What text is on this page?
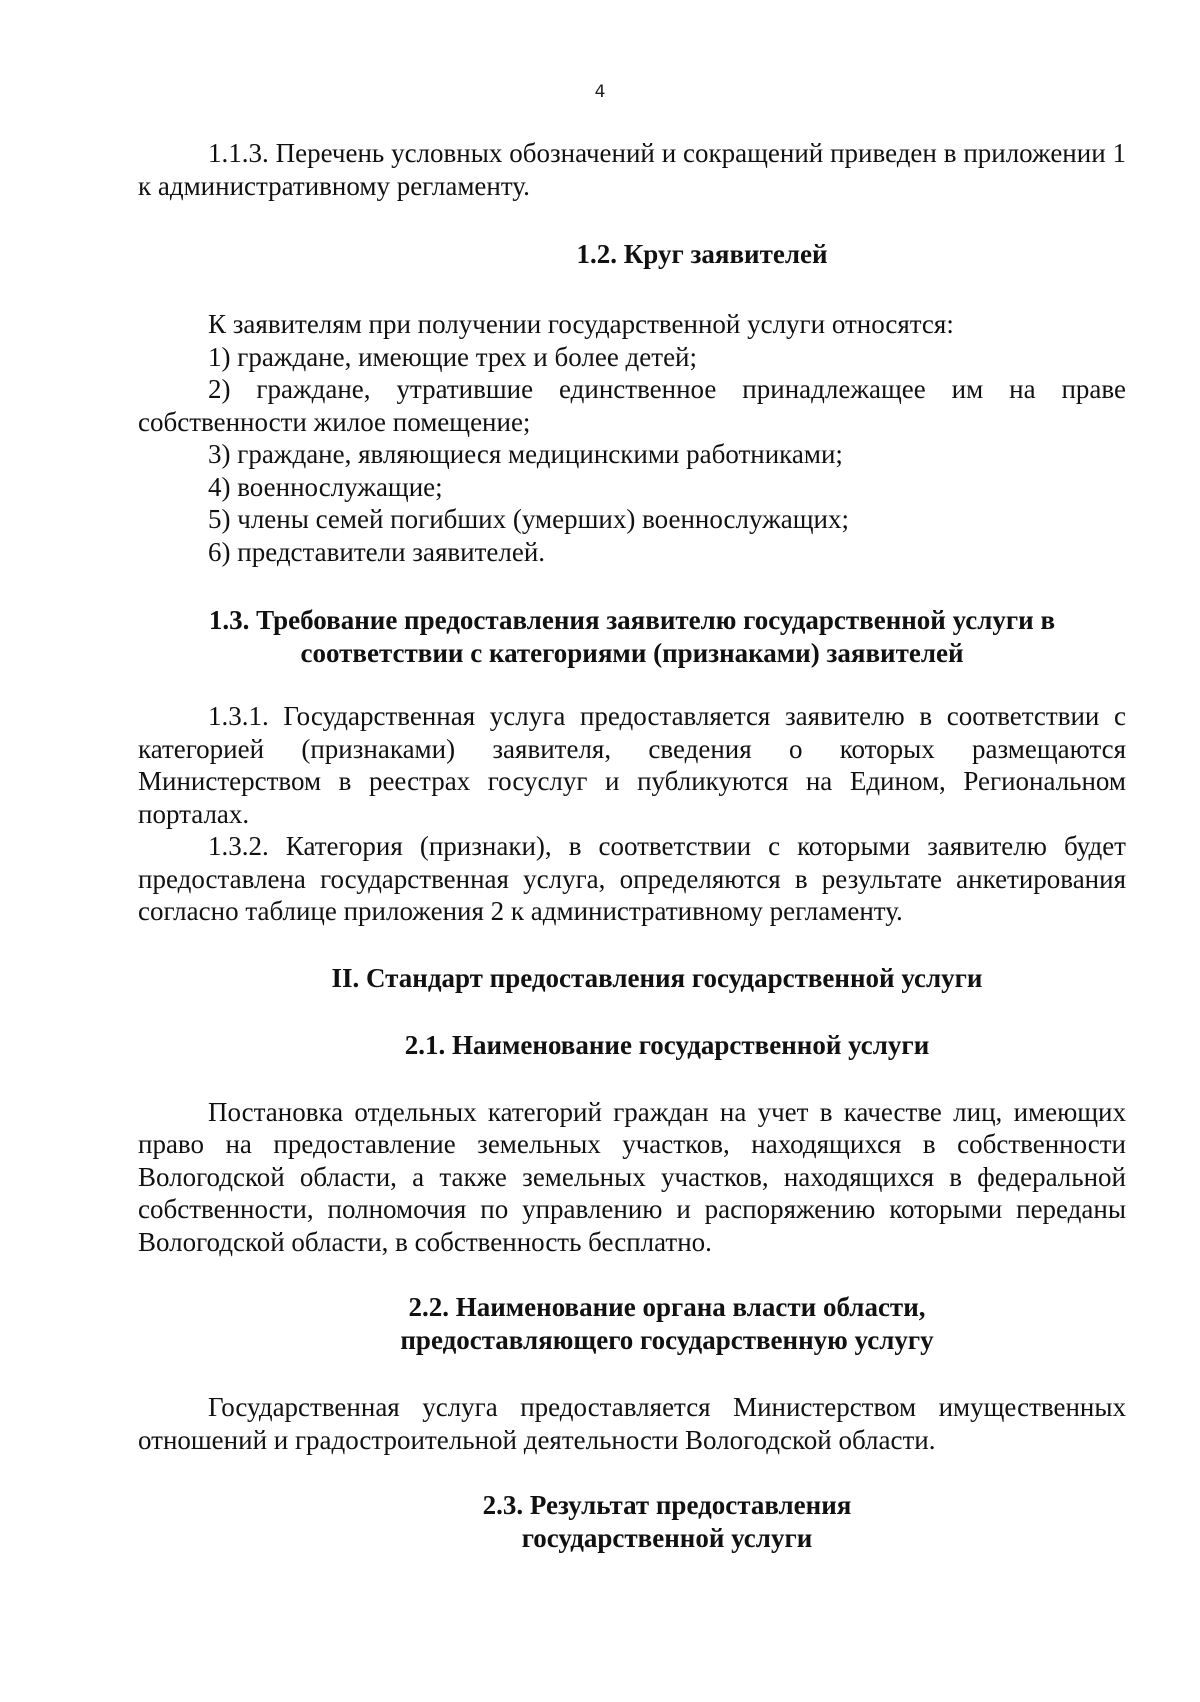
4

1.1.3. Перечень условных обозначений и сокращений приведен в приложении 1 к административному регламенту.

1.2. Круг заявителей

К заявителям при получении государственной услуги относятся:

1) граждане, имеющие трех и более детей;

2) граждане, утратившие единственное принадлежащее им на праве собственности жилое помещение;

3) граждане, являющиеся медицинскими работниками;

4) военнослужащие;

5) члены семей погибших (умерших) военнослужащих;

6) представители заявителей.

1.3. Требование предоставления заявителю государственной услуги в
соответствии с категориями (признаками) заявителей

1.3.1. Государственная услуга предоставляется заявителю в соответствии с категорией (признаками) заявителя, сведения о которых размещаются Министерством в реестрах госуслуг и публикуются на Едином, Региональном порталах.

1.3.2. Категория (признаки), в соответствии с которыми заявителю будет предоставлена государственная услуга, определяются в результате анкетирования согласно таблице приложения 2 к административному регламенту.

II. Стандарт предоставления государственной услуги
2.1. Наименование государственной услуги

Постановка отдельных категорий граждан на учет в качестве лиц, имеющих право на предоставление земельных участков, находящихся в собственности Вологодской области, а также земельных участков, находящихся в федеральной собственности, полномочия по управлению и распоряжению которыми переданы Вологодской области, в собственность бесплатно.

2.2. Наименование органа власти области,
предоставляющего государственную услугу

Государственная услуга предоставляется Министерством имущественных отношений и градостроительной деятельности Вологодской области.

2.3. Результат предоставления
государственной услуги
